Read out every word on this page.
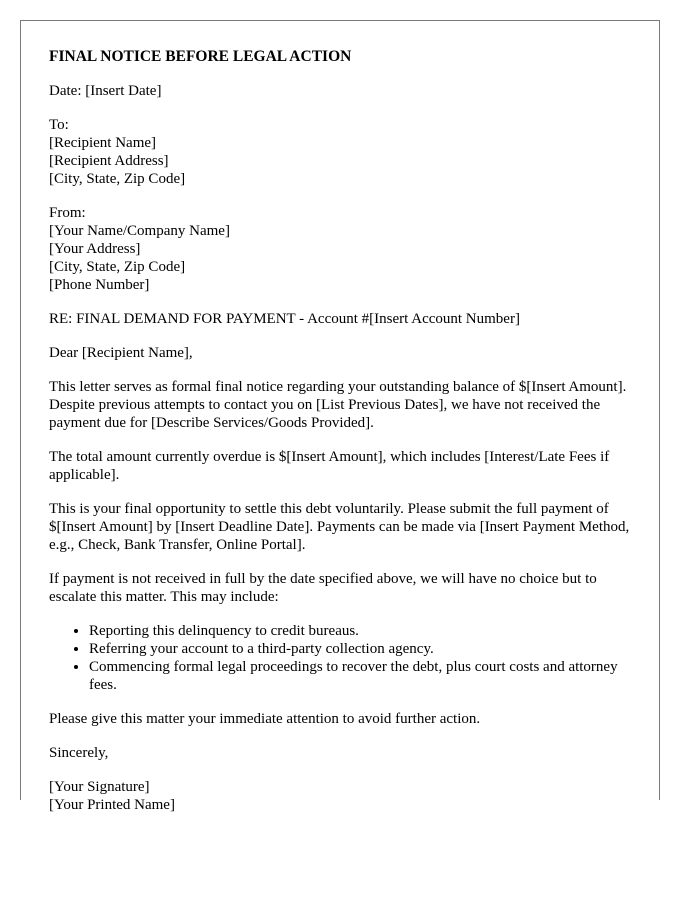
FINAL NOTICE BEFORE LEGAL ACTION
Date: [Insert Date]
To:
[Recipient Name]
[Recipient Address]
[City, State, Zip Code]
From:
[Your Name/Company Name]
[Your Address]
[City, State, Zip Code]
[Phone Number]

RE: FINAL DEMAND FOR PAYMENT - Account #[Insert Account Number]

Dear [Recipient Name],

This letter serves as formal final notice regarding your outstanding balance of $[Insert Amount]. Despite previous attempts to contact you on [List Previous Dates], we have not received the payment due for [Describe Services/Goods Provided].

The total amount currently overdue is $[Insert Amount], which includes [Interest/Late Fees if applicable].

This is your final opportunity to settle this debt voluntarily. Please submit the full payment of $[Insert Amount] by [Insert Deadline Date]. Payments can be made via [Insert Payment Method, e.g., Check, Bank Transfer, Online Portal].

If payment is not received in full by the date specified above, we will have no choice but to escalate this matter. This may include:

• Reporting this delinquency to credit bureaus.
• Referring your account to a third-party collection agency.
• Commencing formal legal proceedings to recover the debt, plus court costs and attorney fees.

Please give this matter your immediate attention to avoid further action.

Sincerely,

[Your Signature]
[Your Printed Name]
